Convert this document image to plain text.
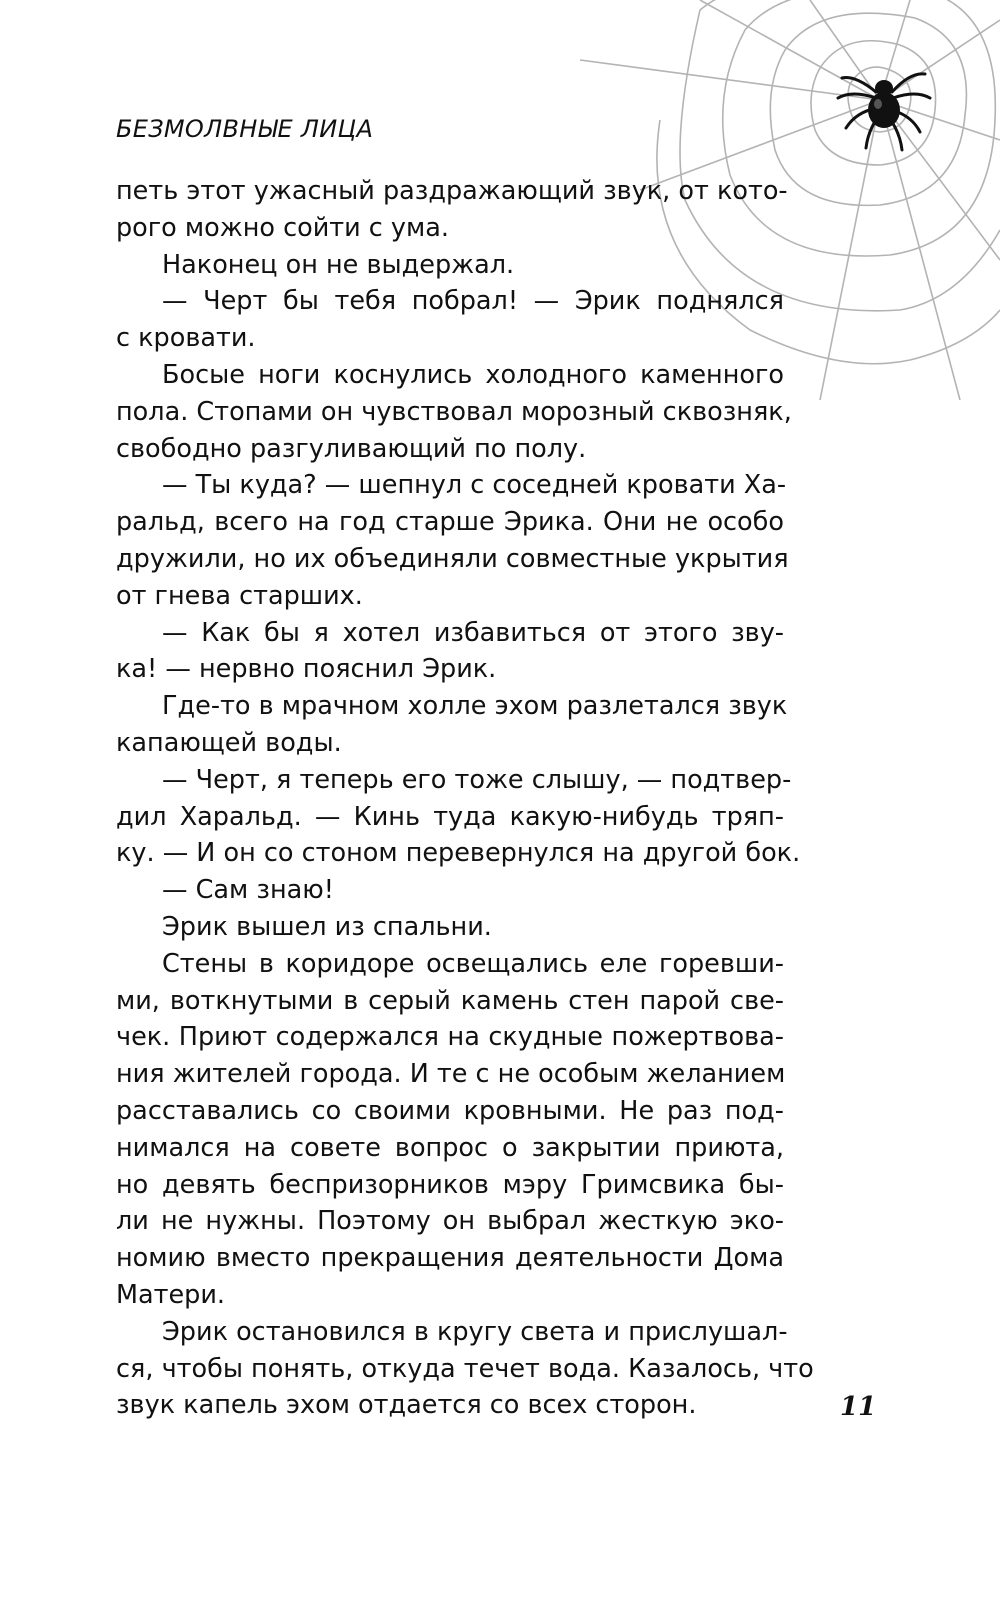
БЕЗМОЛВНЫЕ ЛИЦА
петь этот ужасный раздражающий звук, от кото-
рого можно сойти с ума.
Наконец он не выдержал.
— Черт бы тебя побрал! — Эрик поднялся
с кровати.
Босые ноги коснулись холодного каменного
пола. Стопами он чувствовал морозный сквозняк,
свободно разгуливающий по полу.
— Ты куда? — шепнул с соседней кровати Ха-
ральд, всего на год старше Эрика. Они не особо
дружили, но их объединяли совместные укрытия
от гнева старших.
— Как бы я хотел избавиться от этого зву-
ка! — нервно пояснил Эрик.
Где-то в мрачном холле эхом разлетался звук
капающей воды.
— Черт, я теперь его тоже слышу, — подтвер-
дил Харальд. — Кинь туда какую-нибудь тряп-
ку. — И он со стоном перевернулся на другой бок.
— Сам знаю!
Эрик вышел из спальни.
Стены в коридоре освещались еле горевши-
ми, воткнутыми в серый камень стен парой све-
чек. Приют содержался на скудные пожертвова-
ния жителей города. И те с не особым желанием
расставались со своими кровными. Не раз под-
нимался на совете вопрос о закрытии приюта,
но девять беспризорников мэру Гримсвика бы-
ли не нужны. Поэтому он выбрал жесткую эко-
номию вместо прекращения деятельности Дома
Матери.
Эрик остановился в кругу света и прислушал-
ся, чтобы понять, откуда течет вода. Казалось, что
звук капель эхом отдается со всех сторон.	11
